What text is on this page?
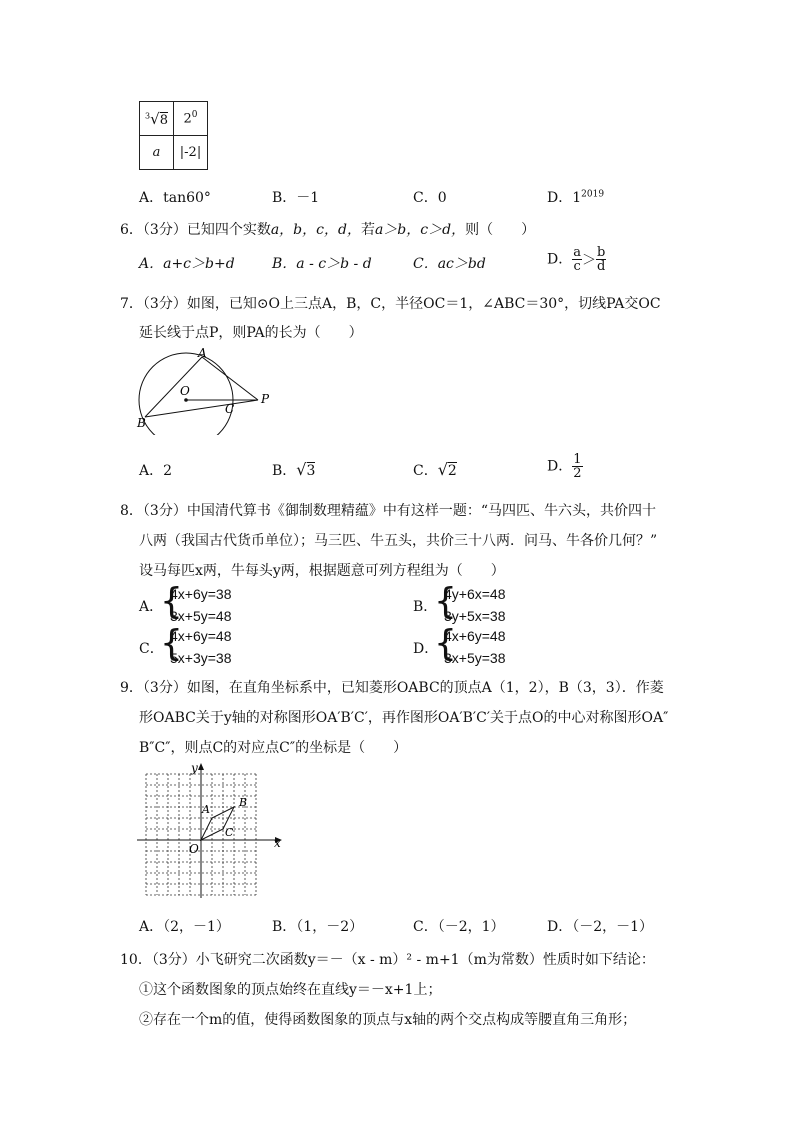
$^3$√8	$2^0$
a	|-2|
A．tan60°	B．－1	C．0	D．$1^{2019}$
6．（3分）已知四个实数a，b，c，d，若a＞b，c＞d，则（　　）
A．a+c＞b+d	B．a - c＞b - d	C．ac＞bd	D． $\frac{a}{c} > \frac{b}{d}$
7．（3分）如图，已知⊙O上三点A，B，C，半径OC＝1，∠ABC＝30°，切线PA交OC
延长线于点P，则PA的长为（　　）
A
O
C
P
B
A．2	B．√3	C．√2	D． $\frac{1}{2}$
8．（3分）中国清代算书《御制数理精蕴》中有这样一题：“马四匹、牛六头，共价四十
八两（我国古代货币单位）；马三匹、牛五头，共价三十八两．问马、牛各价几何？”
设马每匹x两，牛每头y两，根据题意可列方程组为（　　）
A．
{
4x+6y=38
3x+5y=48
B．
{
4y+6x=48
3y+5x=38
C．
{
4x+6y=48
5x+3y=38
D．
{
4x+6y=48
3x+5y=38
9．（3分）如图，在直角坐标系中，已知菱形OABC的顶点A（1，2），B（3，3）．作菱
形OABC关于y轴的对称图形OA′B′C′，再作图形OA′B′C′关于点O的中心对称图形OA″
B″C″，则点C的对应点C″的坐标是（　　）
y
x
O
A
B
C
A．（2，－1）	B．（1，－2）	C．（－2，1）	D．（－2，－1）
10．（3分）小飞研究二次函数y＝－（x - m）² - m+1（m为常数）性质时如下结论：
①这个函数图象的顶点始终在直线y＝－x+1上；
②存在一个m的值，使得函数图象的顶点与x轴的两个交点构成等腰直角三角形；
